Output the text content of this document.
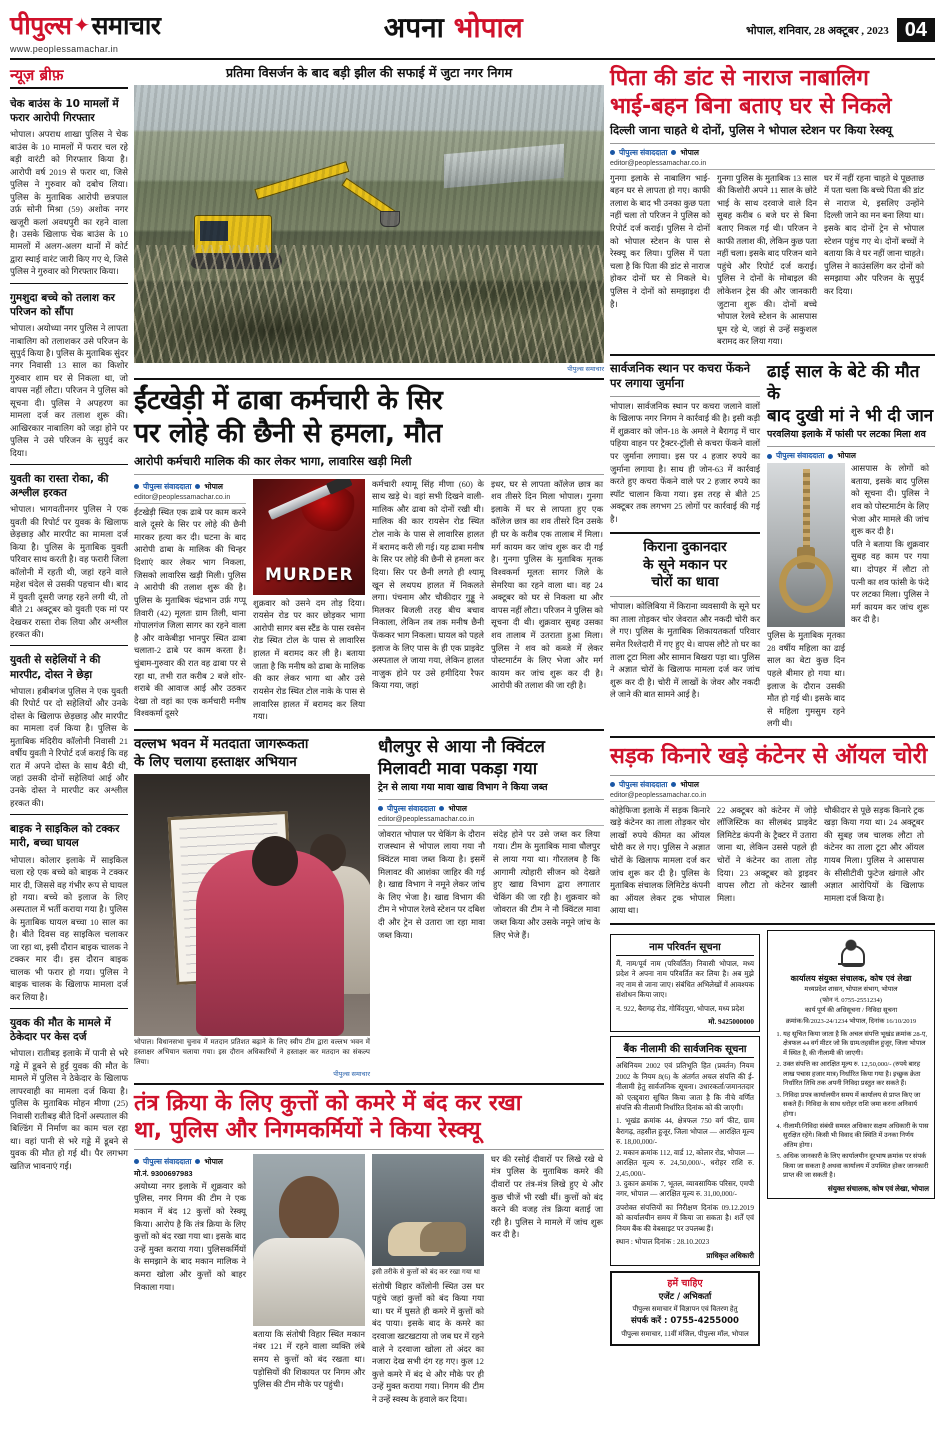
पीपुल्स ✦ समाचार
www.peoplessamachar.in
अपना भोपाल	भोपाल, शनिवार, 28 अक्टूबर , 2023 04
न्यूज़ ब्रीफ़
चेक बाउंस के 10 मामलों में फरार आरोपी गिरफ्तार
भोपाल। अपराध शाखा पुलिस ने चेक बाउंस के 10 मामलों में फरार चल रहे बड़ी वारंटी को गिरफ्तार किया है। आरोपी वर्ष 2019 से फरार था, जिसे पुलिस ने गुरुवार को दबोच लिया। पुलिस के मुताबिक आरोपी छत्रपाल उर्फ़ सोनी मिश्रा (59) अशोक नगर खजूरी कलां अवधपुरी का रहने वाला है। उसके खिलाफ चेक बाउंस के 10 मामलों में अलग-अलग थानों में कोर्ट द्वारा स्थाई वारंट जारी किए गए थे, जिसे पुलिस ने गुरुवार को गिरफ्तार किया।
गुमशुदा बच्चे को तलाश कर परिजन को सौंपा
भोपाल। अयोध्या नगर पुलिस ने लापता नाबालिग को तलाशकर उसे परिजन के सुपुर्द किया है। पुलिस के मुताबिक सुंदर नगर निवासी 13 साल का किशोर गुरुवार शाम घर से निकला था, जो वापस नहीं लौटा। परिजन ने पुलिस को सूचना दी। पुलिस ने अपहरण का मामला दर्ज कर तलाश शुरू की। आखिरकार नाबालिग को जड़ा होने पर पुलिस ने उसे परिजन के सुपुर्द कर दिया।
युवती का रास्ता रोका, की अश्लील हरकत
भोपाल। भागवतीनगर पुलिस ने एक युवती की रिपोर्ट पर युवक के खिलाफ छेड़छाड़ और मारपीट का मामला दर्ज किया है। पुलिस के मुताबिक युवती परिवार साथ करती है। वह फरारी जिला कॉलोनी में रहती थी, जहां रहने वाले महेश चंदेल से उसकी पहचान थी। बाद में युवती दूसरी जगह रहने लगी थी, तो बीते 21 अक्टूबर को युवती एक मां पर देखकर रास्ता रोक लिया और अश्लील हरकत की।
युवती से सहेलियों ने की मारपीट, दोस्त ने छेड़ा
भोपाल। हबीबगंज पुलिस ने एक युवती की रिपोर्ट पर दो सहेलियों और उनके दोस्त के खिलाफ छेड़छाड़ और मारपीट का मामला दर्ज किया है। पुलिस के मुताबिक मंदिरीय कॉलोनी निवासी 21 वर्षीय युवती ने रिपोर्ट दर्ज कराई कि वह रात में अपने दोस्त के साथ बैठी थी, जहां उसकी दोनों सहेलियां आई और उनके दोस्त ने मारपीट कर अश्लील हरकत की।
बाइक ने साइकिल को टक्कर मारी, बच्चा घायल
भोपाल। कोलार इलाके में साइकिल चला रहे एक बच्चे को बाइक ने टक्कर मार दी, जिससे वह गंभीर रूप से घायल हो गया। बच्चे को इलाज के लिए अस्पताल में भर्ती कराया गया है। पुलिस के मुताबिक घायल बच्चा 10 साल का है। बीते दिवस वह साइकिल चलाकर जा रहा था, इसी दौरान बाइक चालक ने टक्कर मार दी। इस दौरान बाइक चालक भी फरार हो गया। पुलिस ने बाइक चालक के खिलाफ मामला दर्ज कर लिया है।
युवक की मौत के मामले में ठेकेदार पर केस दर्ज
भोपाल। रातीबड़ इलाके में पानी से भरे गड्ढे में डूबने से हुई युवक की मौत के मामले में पुलिस ने ठेकेदार के खिलाफ लापरवाही का मामला दर्ज किया है। पुलिस के मुताबिक मोहन मीणा (25) निवासी रातीबड़ बीते दिनों अस्पताल की बिल्डिंग में निर्माण का काम चल रहा था। वहां पानी से भरे गड्ढे में डूबने से युवक की मौत हो गई थी। पैर लगभग खतिज भावनाएं गई।
प्रतिमा विसर्जन के बाद बड़ी झील की सफाई में जुटा नगर निगम
पीपुल्स समाचार
ईंटखेड़ी में ढाबा कर्मचारी के सिर
पर लोहे की छैनी से हमला, मौत
आरोपी कर्मचारी मालिक की कार लेकर भागा, लावारिस खड़ी मिली
पीपुल्स संवाददाता भोपाल
editor@peoplessamachar.co.in
ईंटखेड़ी स्थित एक ढाबे पर काम करने वाले दूसरे के सिर पर लोहे की छैनी मारकर हत्या कर दी। घटना के बाद आरोपी ढाबा के मालिक की चिन्हर दिशाएं कार लेकर भाग निकला, जिसको लावारिस खड़ी मिली। पुलिस ने आरोपी की तलाश शुरू की है। पुलिस के मुताबिक चंद्रभान उर्फ़ गप्पू तिवारी (42) मूलतः ग्राम तिली, थाना गोपालगंज जिला सागर का रहने वाला है और वाकेबीड़ा भानपुर स्थित ढाबा चलाता-2 ढाबे पर काम करता है। चुंबाम-गुरुवार की रात वह ढाबा पर से रहा था, तभी रात करीब 2 बजे शोर-शराबे की आवाज आई और उठकर देखा तो वहां का एक कर्मचारी मनीष विश्वकर्मा दूसरे
MURDER
शुक्रवार को उसने दम तोड़ दिया। रायसेन रोड पर कार छोड़कर भागा आरोपी सागर बस स्टैंड के पास रवसेन रोड स्थित टोल के पास से लावारिस हालत में बरामद कर ली है। बताया जाता है कि मनीष को ढाबा के मालिक की कार लेकर भागा था और उसे रायसेन रोड स्थित टोल नाके के पास से लावारिस हालत में बरामद कर लिया गया।
कर्मचारी श्यामू सिंह मीणा (60) के साथ खड़े थे। वहां सभी दिखने वाली-मालिक और ढाबा को दोनों रखी थी। मालिक की कार रायसेन रोड स्थित टोल नाके के पास से लावारिस हालत में बरामद करी ली गई। यह ढाबा मनीष के सिर पर लोहे की छैनी से हमला कर दिया। सिर पर छैनी लगते ही श्यामू खून से लथपथ हालत में निकलते लगा। पंचनाम और चौकीदार गुड्डू ने मिलकर बिजली तरह बीच बचाव निकाला, लेकिन तब तक मनीष छैनी फेंककर भाग निकला। घायल को पहले इलाज के लिए पास के ही एक प्राइवेट अस्पताल ले जाया गया, लेकिन हालत नाजुक होने पर उसे हमीदिया रैफर किया गया, जहां
इधर, घर से लापता कॉलेज छात्र का शव तीसरे दिन मिला भोपाल। गुनगा इलाके में घर से लापता हुए एक कॉलेज छात्र का शव तीसरे दिन उसके ही घर के करीब एक तालाब में मिला। मर्ग कायम कर जांच शुरू कर दी गई है। गुनगा पुलिस के मुताबिक मृतक विश्वकर्मा मूलतः सागर जिले के सेमरिया का रहने वाला था। वह 24 अक्टूबर को घर से निकला था और वापस नहीं लौटा। परिजन ने पुलिस को सूचना दी थी। शुक्रवार सुबह उसका शव तालाब में उतराता हुआ मिला। पुलिस ने शव को कब्जे में लेकर पोस्टमार्टम के लिए भेजा और मर्ग कायम कर जांच शुरू कर दी है। आरोपी की तलाश की जा रही है।
वल्लभ भवन में मतदाता जागरूकता
के लिए चलाया हस्ताक्षर अभियान
भोपाल। विधानसभा चुनाव में मतदान प्रतिशत बढ़ाने के लिए स्वीप टीम द्वारा वल्लभ भवन में हस्ताक्षर अभियान चलाया गया। इस दौरान अधिकारियों ने हस्ताक्षर कर मतदान का संकल्प लिया।
पीपुल्स समाचार
धौलपुर से आया नौ क्विंटल
मिलावटी मावा पकड़ा गया
ट्रेन से लाया गया मावा खाद्य विभाग ने किया जब्त
पीपुल्स संवाददाता भोपाल
editor@peoplessamachar.co.in
जोवरात भोपाल पर चेकिंग के दौरान राजस्थान से भोपाल लाया गया नौ क्विंटल मावा जब्त किया है। इसमें मिलावट की आशंका जाहिर की गई है। खाद्य विभाग ने नमूने लेकर जांच के लिए भेजा है। खाद्य विभाग की टीम ने भोपाल रेलवे स्टेशन पर दबिश दी और ट्रेन से उतारा जा रहा मावा जब्त किया।
संदेह होने पर उसे जब्त कर लिया गया। टीम के मुताबिक मावा धौलपुर से लाया गया था। गौरतलब है कि आगामी त्योहारी सीजन को देखते हुए खाद्य विभाग द्वारा लगातार चेकिंग की जा रही है। शुक्रवार को जोवरात की टीम ने नौ क्विंटल मावा जब्त किया और उसके नमूने जांच के लिए भेजे हैं।
तंत्र क्रिया के लिए कुत्तों को कमरे में बंद कर रखा
था, पुलिस और निगमकर्मियों ने किया रेस्क्यू
पीपुल्स संवाददाता भोपाल
मो.नं. 9300697983
अयोध्या नगर इलाके में शुक्रवार को पुलिस, नगर निगम की टीम ने एक मकान में बंद 12 कुत्तों को रेस्क्यू किया। आरोप है कि तंत्र क्रिया के लिए कुत्तों को बंद रखा गया था। इसके बाद उन्हें मुक्त कराया गया। पुलिसकर्मियों के समझाने के बाद मकान मालिक ने कमरा खोला और कुत्तों को बाहर निकाला गया।
बताया कि संतोषी विहार स्थित मकान नंबर 121 में रहने वाला व्यक्ति लंबे समय से कुत्तों को बंद रखता था। पड़ोसियों की शिकायत पर निगम और पुलिस की टीम मौके पर पहुंची।
इसी तरीके से कुत्तों को बंद कर रखा गया था
संतोषी विहार कॉलोनी स्थित उस घर पहुंचे जहां कुत्तों को बंद किया गया था। घर में घुसते ही कमरे में कुत्तों को बंद पाया। इसके बाद के कमरे का दरवाजा खटखटाया तो जब घर में रहने वाले ने दरवाजा खोला तो अंदर का नजारा देख सभी दंग रह गए। कुल 12 कुत्ते कमरे में बंद थे और मौके पर ही उन्हें मुक्त कराया गया। निगम की टीम ने उन्हें स्वस्थ के हवाले कर दिया।
घर की रसोई दीवारों पर लिखे रखे थे मंत्र पुलिस के मुताबिक कमरे की दीवारों पर तंत्र-मंत्र लिखे हुए थे और कुछ चीजें भी रखी थीं। कुत्तों को बंद करने की वजह तंत्र क्रिया बताई जा रही है। पुलिस ने मामले में जांच शुरू कर दी है।
पिता की डांट से नाराज नाबालिग
भाई-बहन बिना बताए घर से निकले
दिल्ली जाना चाहते थे दोनों, पुलिस ने भोपाल स्टेशन पर किया रेस्क्यू
पीपुल्स संवाददाता भोपाल
editor@peoplessamachar.co.in
गुनगा इलाके से नाबालिग भाई-बहन घर से लापता हो गए। काफी तलाश के बाद भी उनका कुछ पता नहीं चला तो परिजन ने पुलिस को रिपोर्ट दर्ज कराई। पुलिस ने दोनों को भोपाल स्टेशन के पास से रेस्क्यू कर लिया। पुलिस में पता चला है कि पिता की डांट से नाराज होकर दोनों घर से निकले थे। पुलिस ने दोनों को समझाइश दी है।
गुनगा पुलिस के मुताबिक 13 साल की किशोरी अपने 11 साल के छोटे भाई के साथ दरवाजे वाले दिन सुबह करीब 6 बजे घर से बिना बताए निकल गई थी। परिजन ने काफी तलाश की, लेकिन कुछ पता नहीं चला। इसके बाद परिजन थाने पहुंचे और रिपोर्ट दर्ज कराई। पुलिस ने दोनों के मोबाइल की लोकेशन ट्रेस की और जानकारी जुटाना शुरू की। दोनों बच्चे भोपाल रेलवे स्टेशन के आसपास घूम रहे थे, जहां से उन्हें सकुशल बरामद कर लिया गया।
घर में नहीं रहना चाहते थे पूछताछ में पता चला कि बच्चे पिता की डांट से नाराज थे, इसलिए उन्होंने दिल्ली जाने का मन बना लिया था। इसके बाद दोनों ट्रेन से भोपाल स्टेशन पहुंच गए थे। दोनों बच्चों ने बताया कि वे घर नहीं जाना चाहते। पुलिस ने काउंसलिंग कर दोनों को समझाया और परिजन के सुपुर्द कर दिया।
सार्वजनिक स्थान पर कचरा फेंकने पर लगाया जुर्माना
भोपाल। सार्वजनिक स्थान पर कचरा जलाने वालों के खिलाफ नगर निगम ने कार्रवाई की है। इसी कड़ी में शुक्रवार को जोन-18 के अमले ने बैरागढ़ में चार पहिया वाहन पर ट्रैक्टर-ट्रॉली से कचरा फेंकने वालों पर जुर्माना लगाया। इस पर 4 हजार रुपये का जुर्माना लगाया है। साथ ही जोन-63 में कार्रवाई करते हुए कचरा फेंकने वाले पर 2 हजार रुपये का स्पॉट चालान किया गया। इस तरह से बीते 25 अक्टूबर तक लगभग 25 लोगों पर कार्रवाई की गई है।
किराना दुकानदार
के सूने मकान पर
चोरों का धावा
भोपाल। कोलिबिया में किराना व्यवसायी के सूने घर का ताला तोड़कर चोर जेवरात और नकदी चोरी कर ले गए। पुलिस के मुताबिक शिकायतकर्ता परिवार समेत रिश्तेदारी में गए हुए थे। वापस लौटे तो घर का ताला टूटा मिला और सामान बिखरा पड़ा था। पुलिस ने अज्ञात चोरों के खिलाफ मामला दर्ज कर जांच शुरू कर दी है। चोरी में लाखों के जेवर और नकदी ले जाने की बात सामने आई है।
ढाई साल के बेटे की मौत के
बाद दुखी मां ने भी दी जान
परवलिया इलाके में फांसी पर लटका मिला शव
पीपुल्स संवाददाता भोपाल
पुलिस के मुताबिक मृतका 28 वर्षीय महिला का ढाई साल का बेटा कुछ दिन पहले बीमार हो गया था। इलाज के दौरान उसकी मौत हो गई थी। इसके बाद से महिला गुमसुम रहने लगी थी।
आसपास के लोगों को बताया, इसके बाद पुलिस को सूचना दी। पुलिस ने शव को पोस्टमार्टम के लिए भेजा और मामले की जांच शुरू कर दी है।
पति ने बताया कि शुक्रवार सुबह वह काम पर गया था। दोपहर में लौटा तो पत्नी का शव फांसी के फंदे पर लटका मिला। पुलिस ने मर्ग कायम कर जांच शुरू कर दी है।
सड़क किनारे खड़े कंटेनर से ऑयल चोरी
पीपुल्स संवाददाता भोपाल
editor@peoplessamachar.co.in
कोहेफिजा इलाके में सड़क किनारे खड़े कंटेनर का ताला तोड़कर चोर लाखों रुपये कीमत का ऑयल चोरी कर ले गए। पुलिस ने अज्ञात चोरों के खिलाफ मामला दर्ज कर जांच शुरू कर दी है। पुलिस के मुताबिक संचालक लिमिटेड कंपनी का ऑयल लेकर ट्रक भोपाल आया था।
22 अक्टूबर को कंटेनर में जोड़े लॉजिस्टिक का सीलबंद प्राइवेट लिमिटेड कंपनी के ट्रैक्टर में उतारा जाना था, लेकिन उससे पहले ही चोरों ने कंटेनर का ताला तोड़ दिया। 23 अक्टूबर को ड्राइवर वापस लौटा तो कंटेनर खाली मिला।
चौकीदार से पूछे सड़क किनारे ट्रक खड़ा किया गया था। 24 अक्टूबर की सुबह जब चालक लौटा तो कंटेनर का ताला टूटा और ऑयल गायब मिला। पुलिस ने आसपास के सीसीटीवी फुटेज खंगाले और अज्ञात आरोपियों के खिलाफ मामला दर्ज किया है।
नाम परिवर्तन सूचना
मैं, नाम/पूर्व नाम (परिवर्तित) निवासी भोपाल, मध्य प्रदेश ने अपना नाम परिवर्तित कर लिया है। अब मुझे नए नाम से जाना जाए। संबंधित अभिलेखों में आवश्यक संशोधन किया जाए।
न. 922, बैरागढ़ रोड, गोविंदपुरा, भोपाल, मध्य प्रदेश
मो. 9425000000
बैंक नीलामी की सार्वजनिक सूचना
अधिनियम 2002 एवं प्रतिभूति हित (प्रवर्तन) नियम 2002 के नियम 8(6) के अंतर्गत अचल संपत्ति की ई-नीलामी हेतु सार्वजनिक सूचना। उधारकर्ता/जमानतदार को एतद्द्वारा सूचित किया जाता है कि नीचे वर्णित संपत्ति की नीलामी निर्धारित दिनांक को की जाएगी।
1. भूखंड क्रमांक 44, क्षेत्रफल 750 वर्ग फीट, ग्राम बैरागढ़, तहसील हुजूर, जिला भोपाल — आरक्षित मूल्य रु. 18,00,000/-
2. मकान क्रमांक 112, वार्ड 12, कोलार रोड, भोपाल — आरक्षित मूल्य रु. 24,50,000/-, धरोहर राशि रु. 2,45,000/-
3. दुकान क्रमांक 7, भूतल, व्यावसायिक परिसर, एमपी नगर, भोपाल — आरक्षित मूल्य रु. 31,00,000/-
उपरोक्त संपत्तियों का निरीक्षण दिनांक 09.12.2019 को कार्यालयीन समय में किया जा सकता है। शर्तें एवं नियम बैंक की वेबसाइट पर उपलब्ध हैं।
स्थान : भोपाल दिनांक : 28.10.2023
प्राधिकृत अधिकारी
हमें चाहिए
एजेंट / अभिकर्ता
पीपुल्स समाचार में विज्ञापन एवं वितरण हेतु
संपर्क करें : 0755-4255000
पीपुल्स समाचार, 11वीं मंजिल, पीपुल्स मॉल, भोपाल
कार्यालय संयुक्त संचालक, कोष एवं लेखा
मध्यप्रदेश शासन, भोपाल संभाग, भोपाल
(फोन नं. 0755-2551234)
कार्य पूर्ण की अधिसूचना / निविदा सूचना
क्रमांक/वि/2023-24/1234 भोपाल, दिनांक 16/10/2019
1. यह सूचित किया जाता है कि अचल संपत्ति भूखंड क्रमांक 28-ए, क्षेत्रफल 44 वर्ग मीटर जो कि ग्राम/तहसील हुजूर, जिला भोपाल में स्थित है, की नीलामी की जाएगी।
2. उक्त संपत्ति का आरक्षित मूल्य रु. 12,50,000/- (रुपये बारह लाख पचास हजार मात्र) निर्धारित किया गया है। इच्छुक क्रेता निर्धारित तिथि तक अपनी निविदा प्रस्तुत कर सकते हैं।
3. निविदा प्रपत्र कार्यालयीन समय में कार्यालय से प्राप्त किए जा सकते हैं। निविदा के साथ धरोहर राशि जमा करना अनिवार्य होगा।
4. नीलामी/निविदा संबंधी समस्त अधिकार सक्षम अधिकारी के पास सुरक्षित रहेंगे। किसी भी विवाद की स्थिति में उनका निर्णय अंतिम होगा।
5. अधिक जानकारी के लिए कार्यालयीन दूरभाष क्रमांक पर संपर्क किया जा सकता है अथवा कार्यालय में उपस्थित होकर जानकारी प्राप्त की जा सकती है।
संयुक्त संचालक, कोष एवं लेखा, भोपाल
